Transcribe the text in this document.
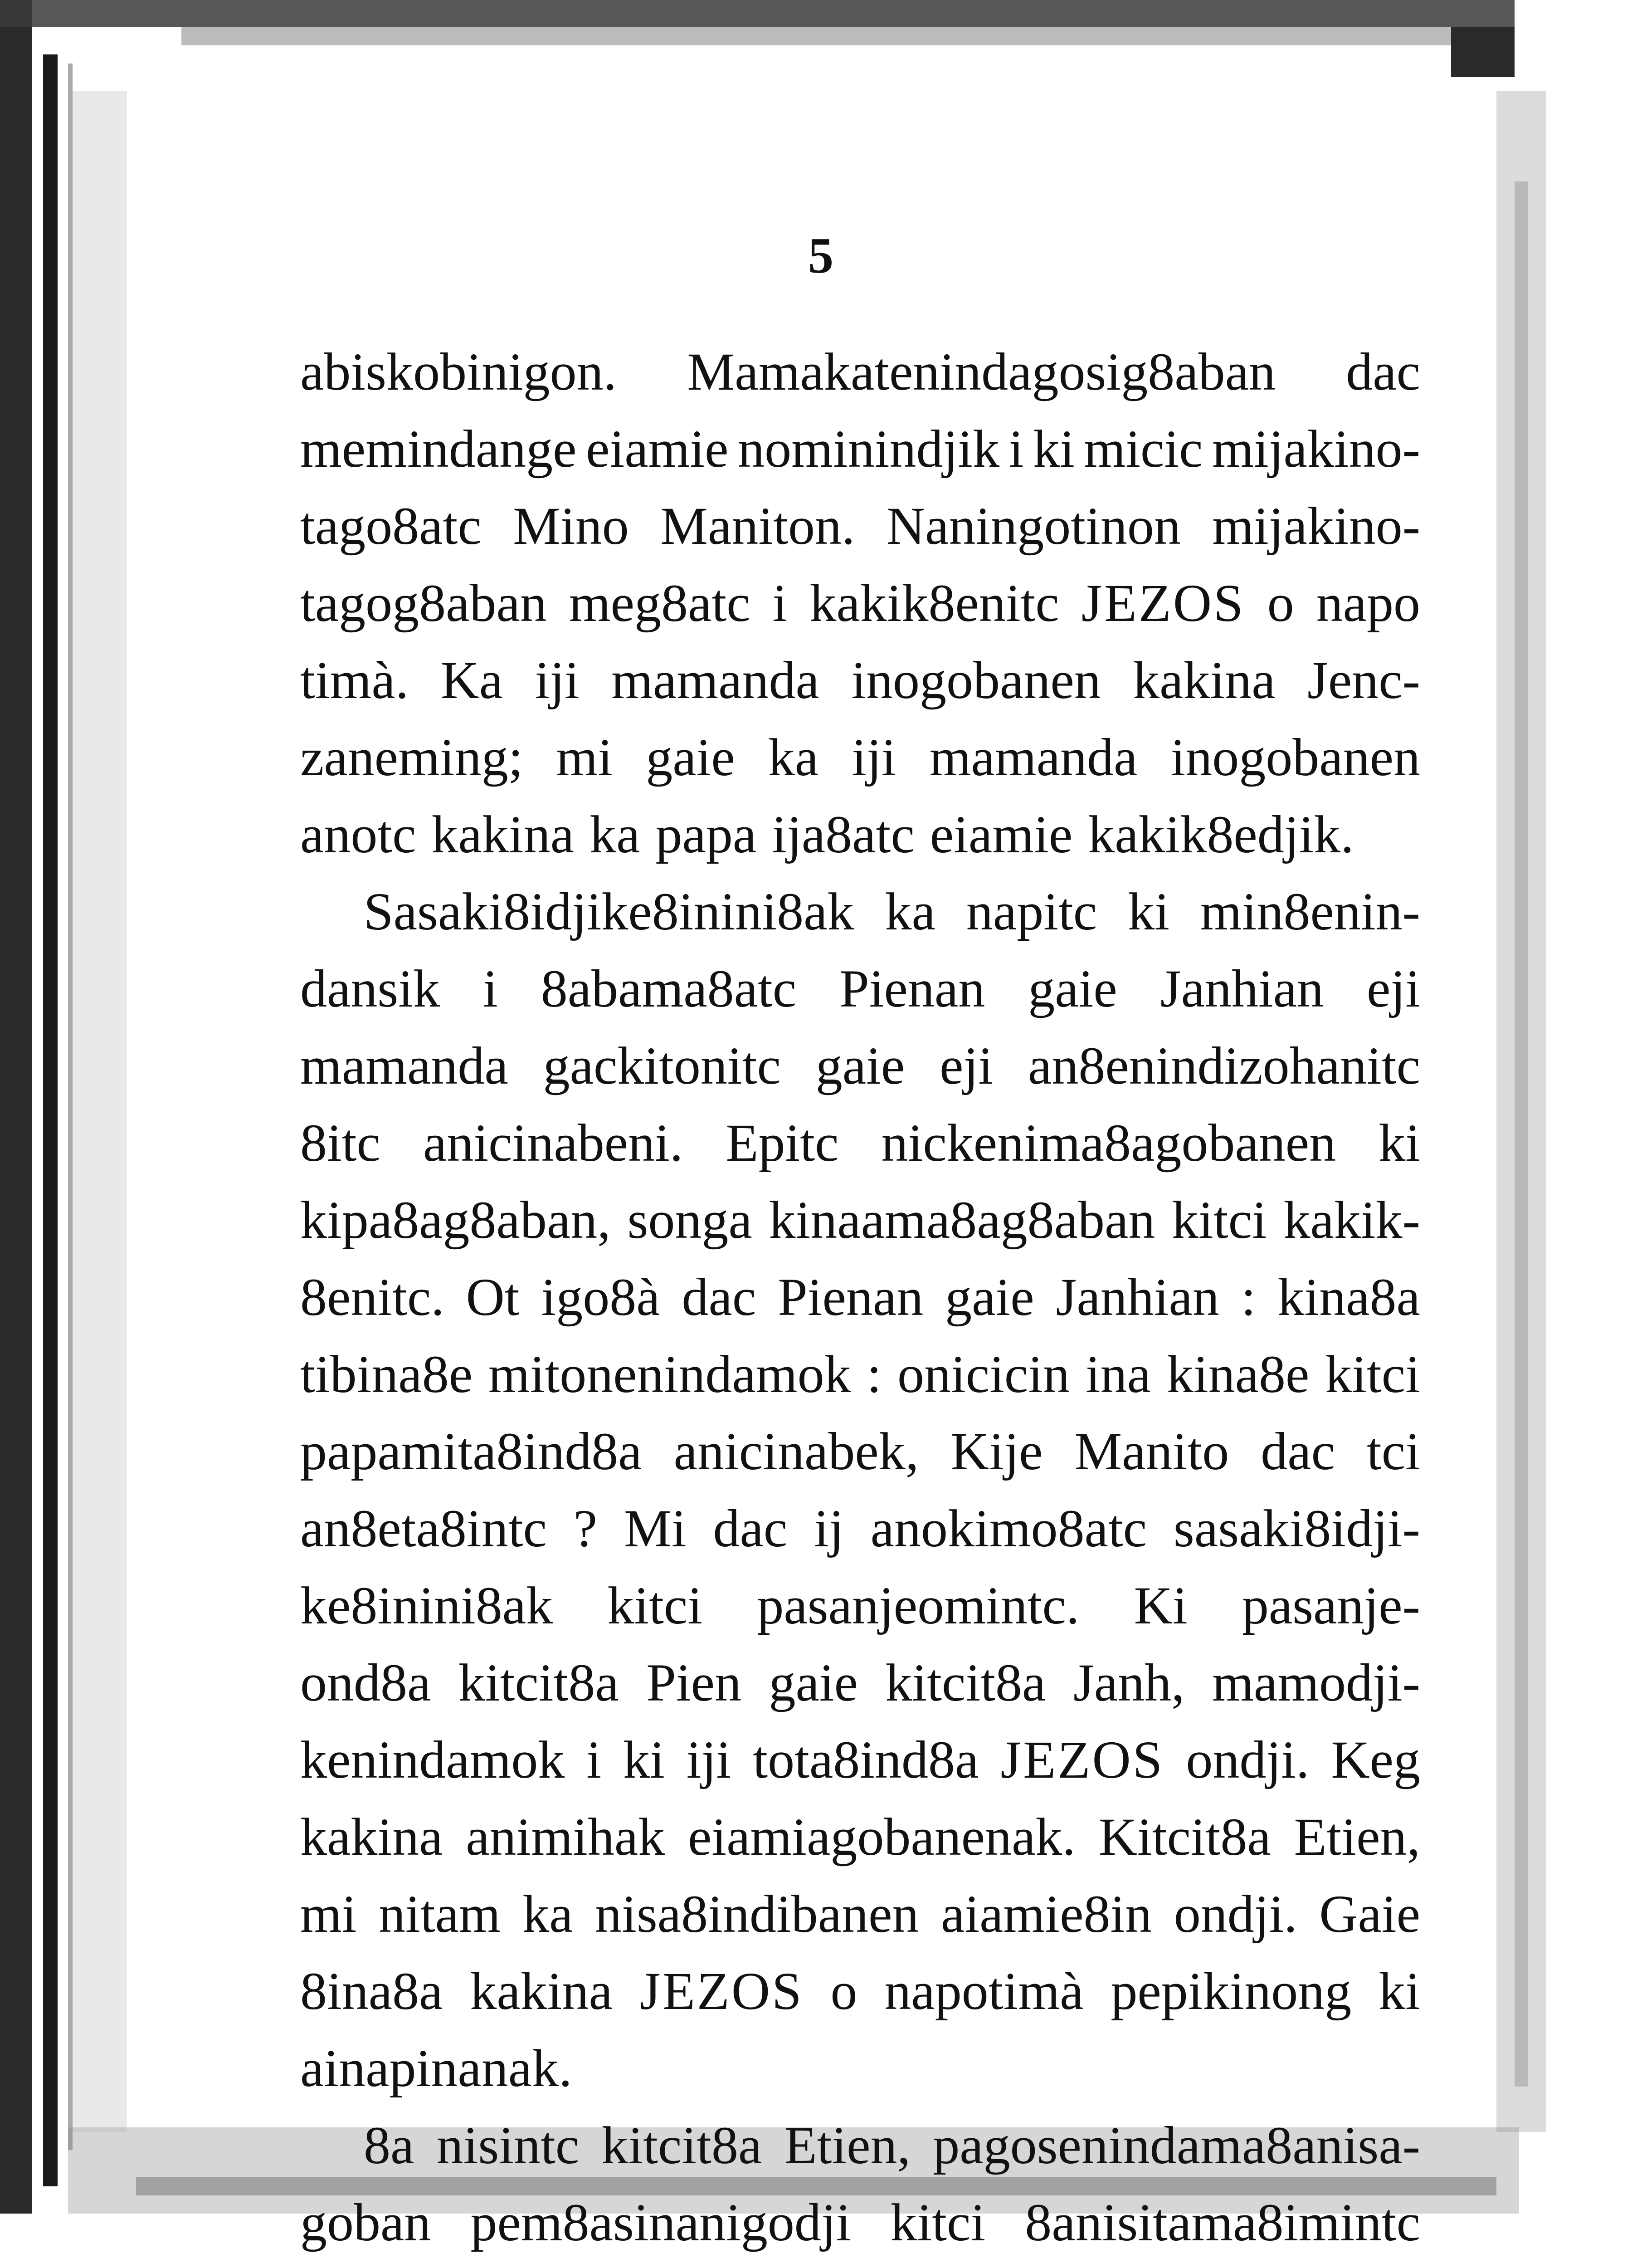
5
abiskobinigon. Mamakatenindagosig8aban dac
memindange eiamie nominindjik i ki micic mijakino-
tago8atc Mino Maniton. Naningotinon mijakino-
tagog8aban meg8atc i kakik8enitc JEZOS o napo
timà. Ka iji mamanda inogobanen kakina Jenc-
zaneming; mi gaie ka iji mamanda inogobanen
anotc kakina ka papa ija8atc eiamie kakik8edjik.
Sasaki8idjike8inini8ak ka napitc ki min8enin-
dansik i 8abama8atc Pienan gaie Janhian eji
mamanda gackitonitc gaie eji an8enindizohanitc
8itc anicinabeni. Epitc nickenima8agobanen ki
kipa8ag8aban, songa kinaama8ag8aban kitci kakik-
8enitc. Ot igo8à dac Pienan gaie Janhian : kina8a
tibina8e mitonenindamok : onicicin ina kina8e kitci
papamita8ind8a anicinabek, Kije Manito dac tci
an8eta8intc ? Mi dac ij anokimo8atc sasaki8idji-
ke8inini8ak kitci pasanjeomintc. Ki pasanje-
ond8a kitcit8a Pien gaie kitcit8a Janh, mamodji-
kenindamok i ki iji tota8ind8a JEZOS ondji. Keg
kakina animihak eiamiagobanenak. Kitcit8a Etien,
mi nitam ka nisa8indibanen aiamie8in ondji. Gaie
8ina8a kakina JEZOS o napotimà pepikinong ki
ainapinanak.
8a nisintc kitcit8a Etien, pagosenindama8anisa-
goban pem8asinanigodji kitci 8anisitama8imintc
